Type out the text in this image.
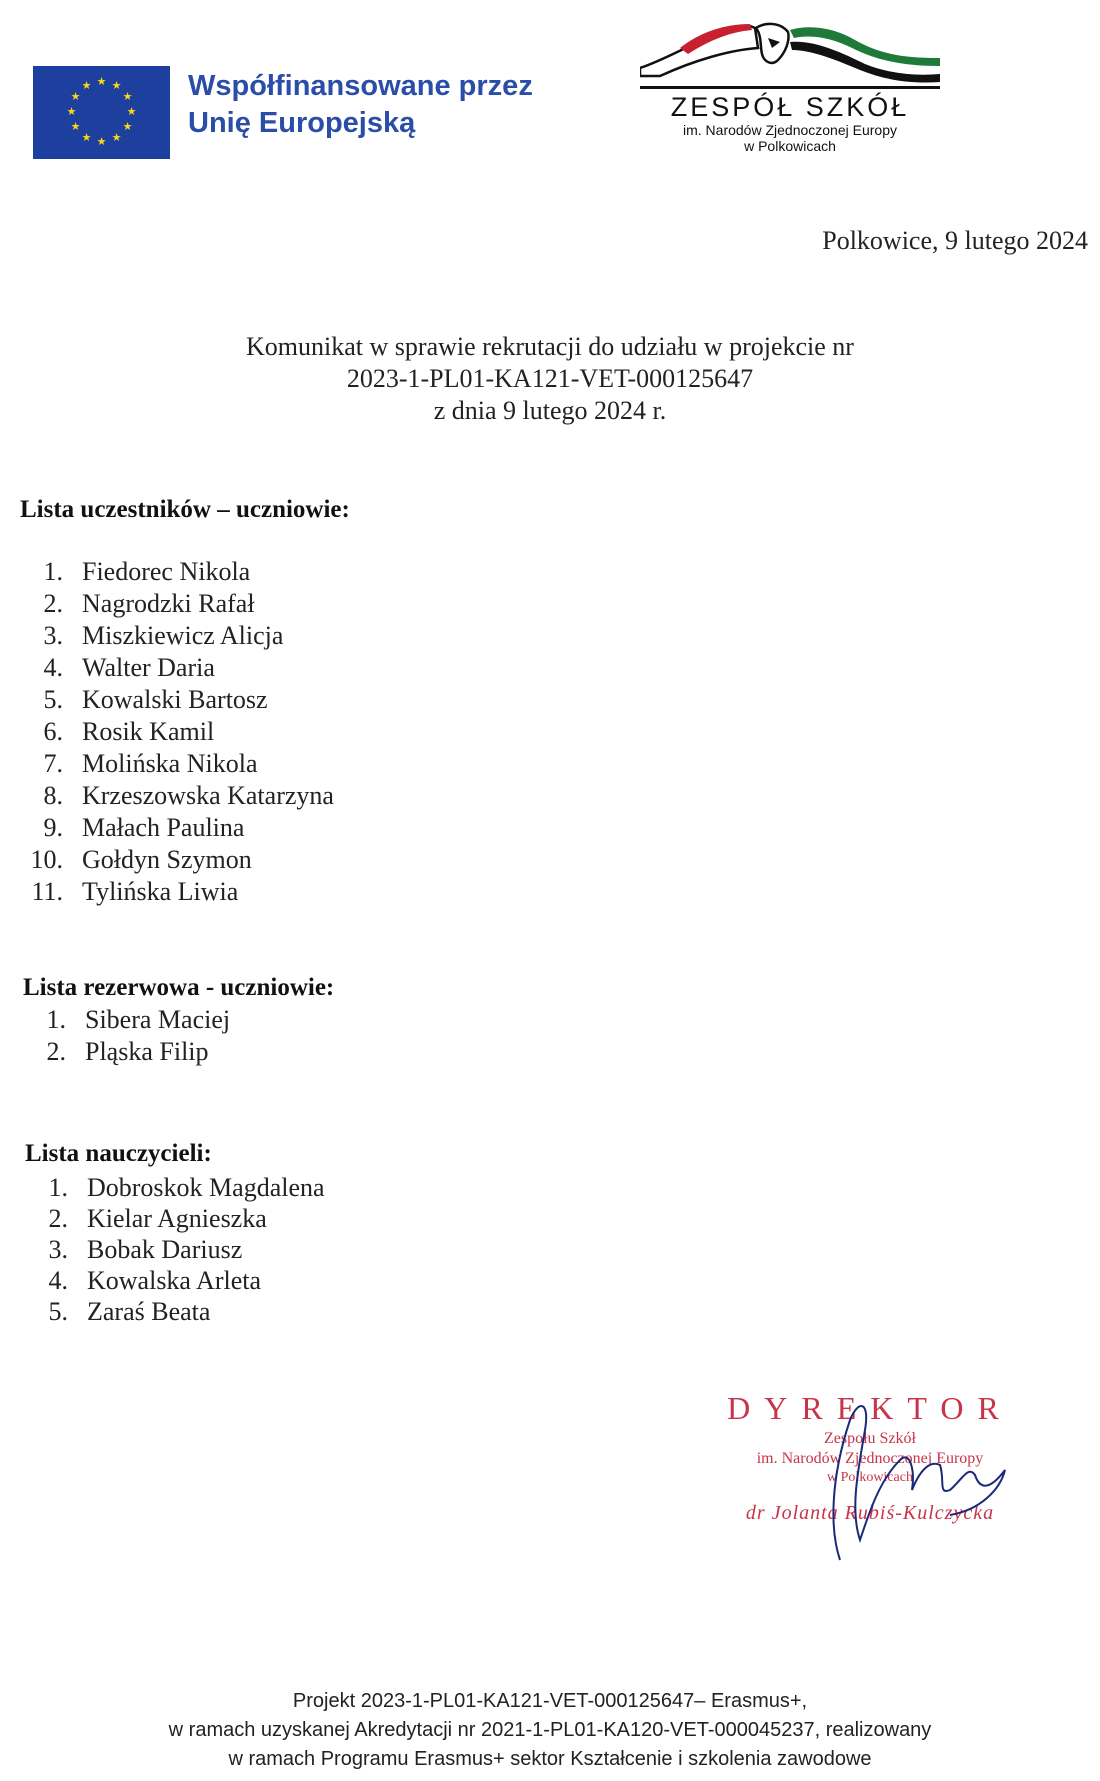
★ ★
★
★
★
★
★
★
★
★
★
★	Współfinansowane przez
Unię Europejską	ZESPÓŁ SZKÓŁ
im. Narodów Zjednoczonej Europy
w Polkowicach
Polkowice, 9 lutego 2024
Komunikat w sprawie rekrutacji do udziału w projekcie nr
2023-1-PL01-KA121-VET-000125647
z dnia 9 lutego 2024 r.
Lista uczestników – uczniowie:
1. Fiedorec Nikola
2. Nagrodzki Rafał
3. Miszkiewicz Alicja
4. Walter Daria
5. Kowalski Bartosz
6. Rosik Kamil
7. Molińska Nikola
8. Krzeszowska Katarzyna
9. Małach Paulina
10. Gołdyn Szymon
11. Tylińska Liwia
Lista rezerwowa - uczniowie:
1. Sibera Maciej
2. Pląska Filip
Lista nauczycieli:
1. Dobroskok Magdalena
2. Kielar Agnieszka
3. Bobak Dariusz
4. Kowalska Arleta
5. Zaraś Beata
DYREKTOR
Zespołu Szkół
im. Narodów Zjednoczonej Europy
w Polkowicach
dr Jolanta Rubiś-Kulczycka
Projekt 2023-1-PL01-KA121-VET-000125647– Erasmus+,
w ramach uzyskanej Akredytacji nr 2021-1-PL01-KA120-VET-000045237, realizowany
w ramach Programu Erasmus+ sektor Kształcenie i szkolenia zawodowe
